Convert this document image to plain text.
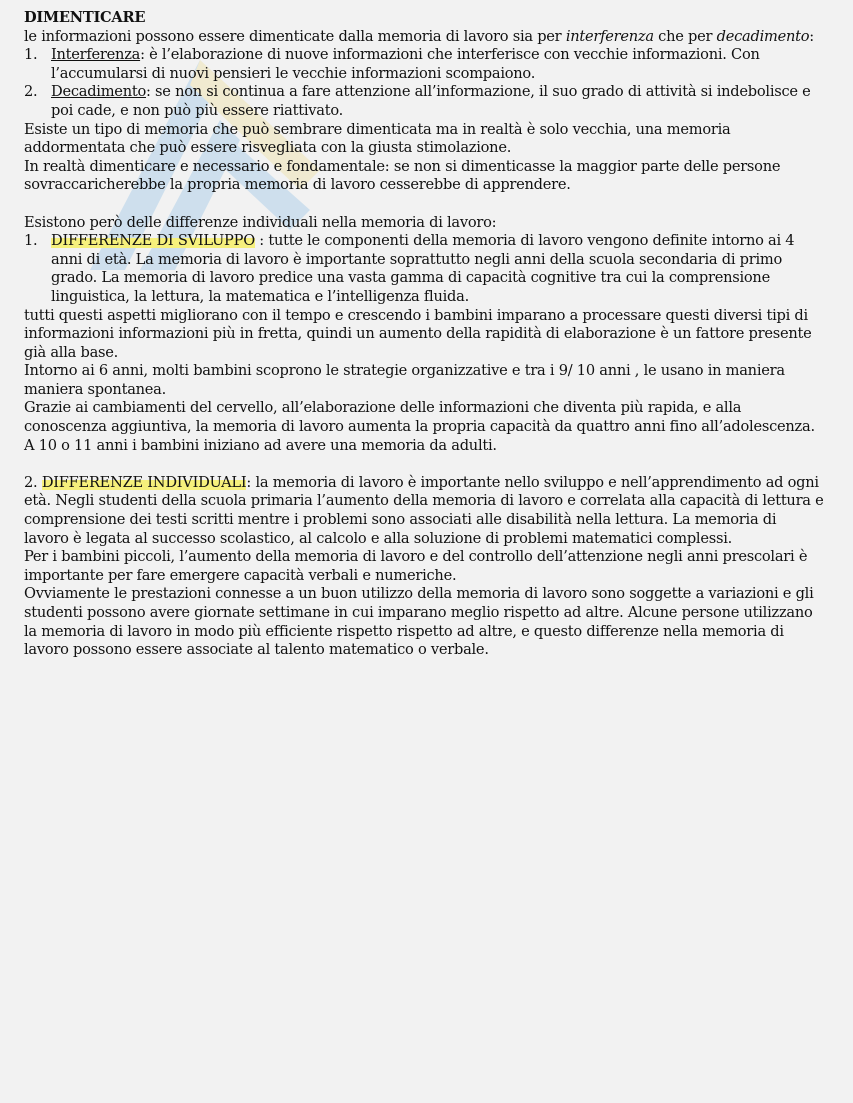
DIMENTICARE

le informazioni possono essere dimenticate dalla memoria di lavoro sia per interferenza che per decadimento:

1. Interferenza: è l’elaborazione di nuove informazioni che interferisce con vecchie informazioni. Con l’accumularsi di nuovi pensieri le vecchie informazioni scompaiono.
2. Decadimento: se non si continua a fare attenzione all’informazione, il suo grado di attività si indebolisce e poi cade, e non può più essere riattivato.

Esiste un tipo di memoria che può sembrare dimenticata ma in realtà è solo vecchia, una memoria addormentata che può essere risvegliata con la giusta stimolazione.

In realtà dimenticare e necessario e fondamentale: se non si dimenticasse la maggior parte delle persone sovraccaricherebbe la propria memoria di lavoro cesserebbe di apprendere.

Esistono però delle differenze individuali nella memoria di lavoro:

1. DIFFERENZE DI SVILUPPO : tutte le componenti della memoria di lavoro vengono definite intorno ai 4 anni di età. La memoria di lavoro è importante soprattutto negli anni della scuola secondaria di primo grado. La memoria di lavoro predice una vasta gamma di capacità cognitive tra cui la comprensione linguistica, la lettura, la matematica e l’intelligenza fluida.

tutti questi aspetti migliorano con il tempo e crescendo i bambini imparano a processare questi diversi tipi di informazioni informazioni più in fretta, quindi un aumento della rapidità di elaborazione è un fattore presente già alla base.

Intorno ai 6 anni, molti bambini scoprono le strategie organizzative e tra i 9/ 10 anni , le usano in maniera maniera spontanea.

Grazie ai cambiamenti del cervello, all’elaborazione delle informazioni che diventa più rapida, e alla conoscenza aggiuntiva, la memoria di lavoro aumenta la propria capacità da quattro anni fino all’adolescenza.

A 10 o 11 anni i bambini iniziano ad avere una memoria da adulti.

2. DIFFERENZE INDIVIDUALI: la memoria di lavoro è importante nello sviluppo e nell’apprendimento ad ogni età. Negli studenti della scuola primaria l’aumento della memoria di lavoro e correlata alla capacità di lettura e comprensione dei testi scritti mentre i problemi sono associati alle disabilità nella lettura. La memoria di lavoro è legata al successo scolastico, al calcolo e alla soluzione di problemi matematici complessi.

Per i bambini piccoli, l’aumento della memoria di lavoro e del controllo dell’attenzione negli anni prescolari è importante per fare emergere capacità verbali e numeriche.

Ovviamente le prestazioni connesse a un buon utilizzo della memoria di lavoro sono soggette a variazioni e gli studenti possono avere giornate settimane in cui imparano meglio rispetto ad altre. Alcune persone utilizzano la memoria di lavoro in modo più efficiente rispetto rispetto ad altre, e questo differenze nella memoria di lavoro possono essere associate al talento matematico o verbale.
